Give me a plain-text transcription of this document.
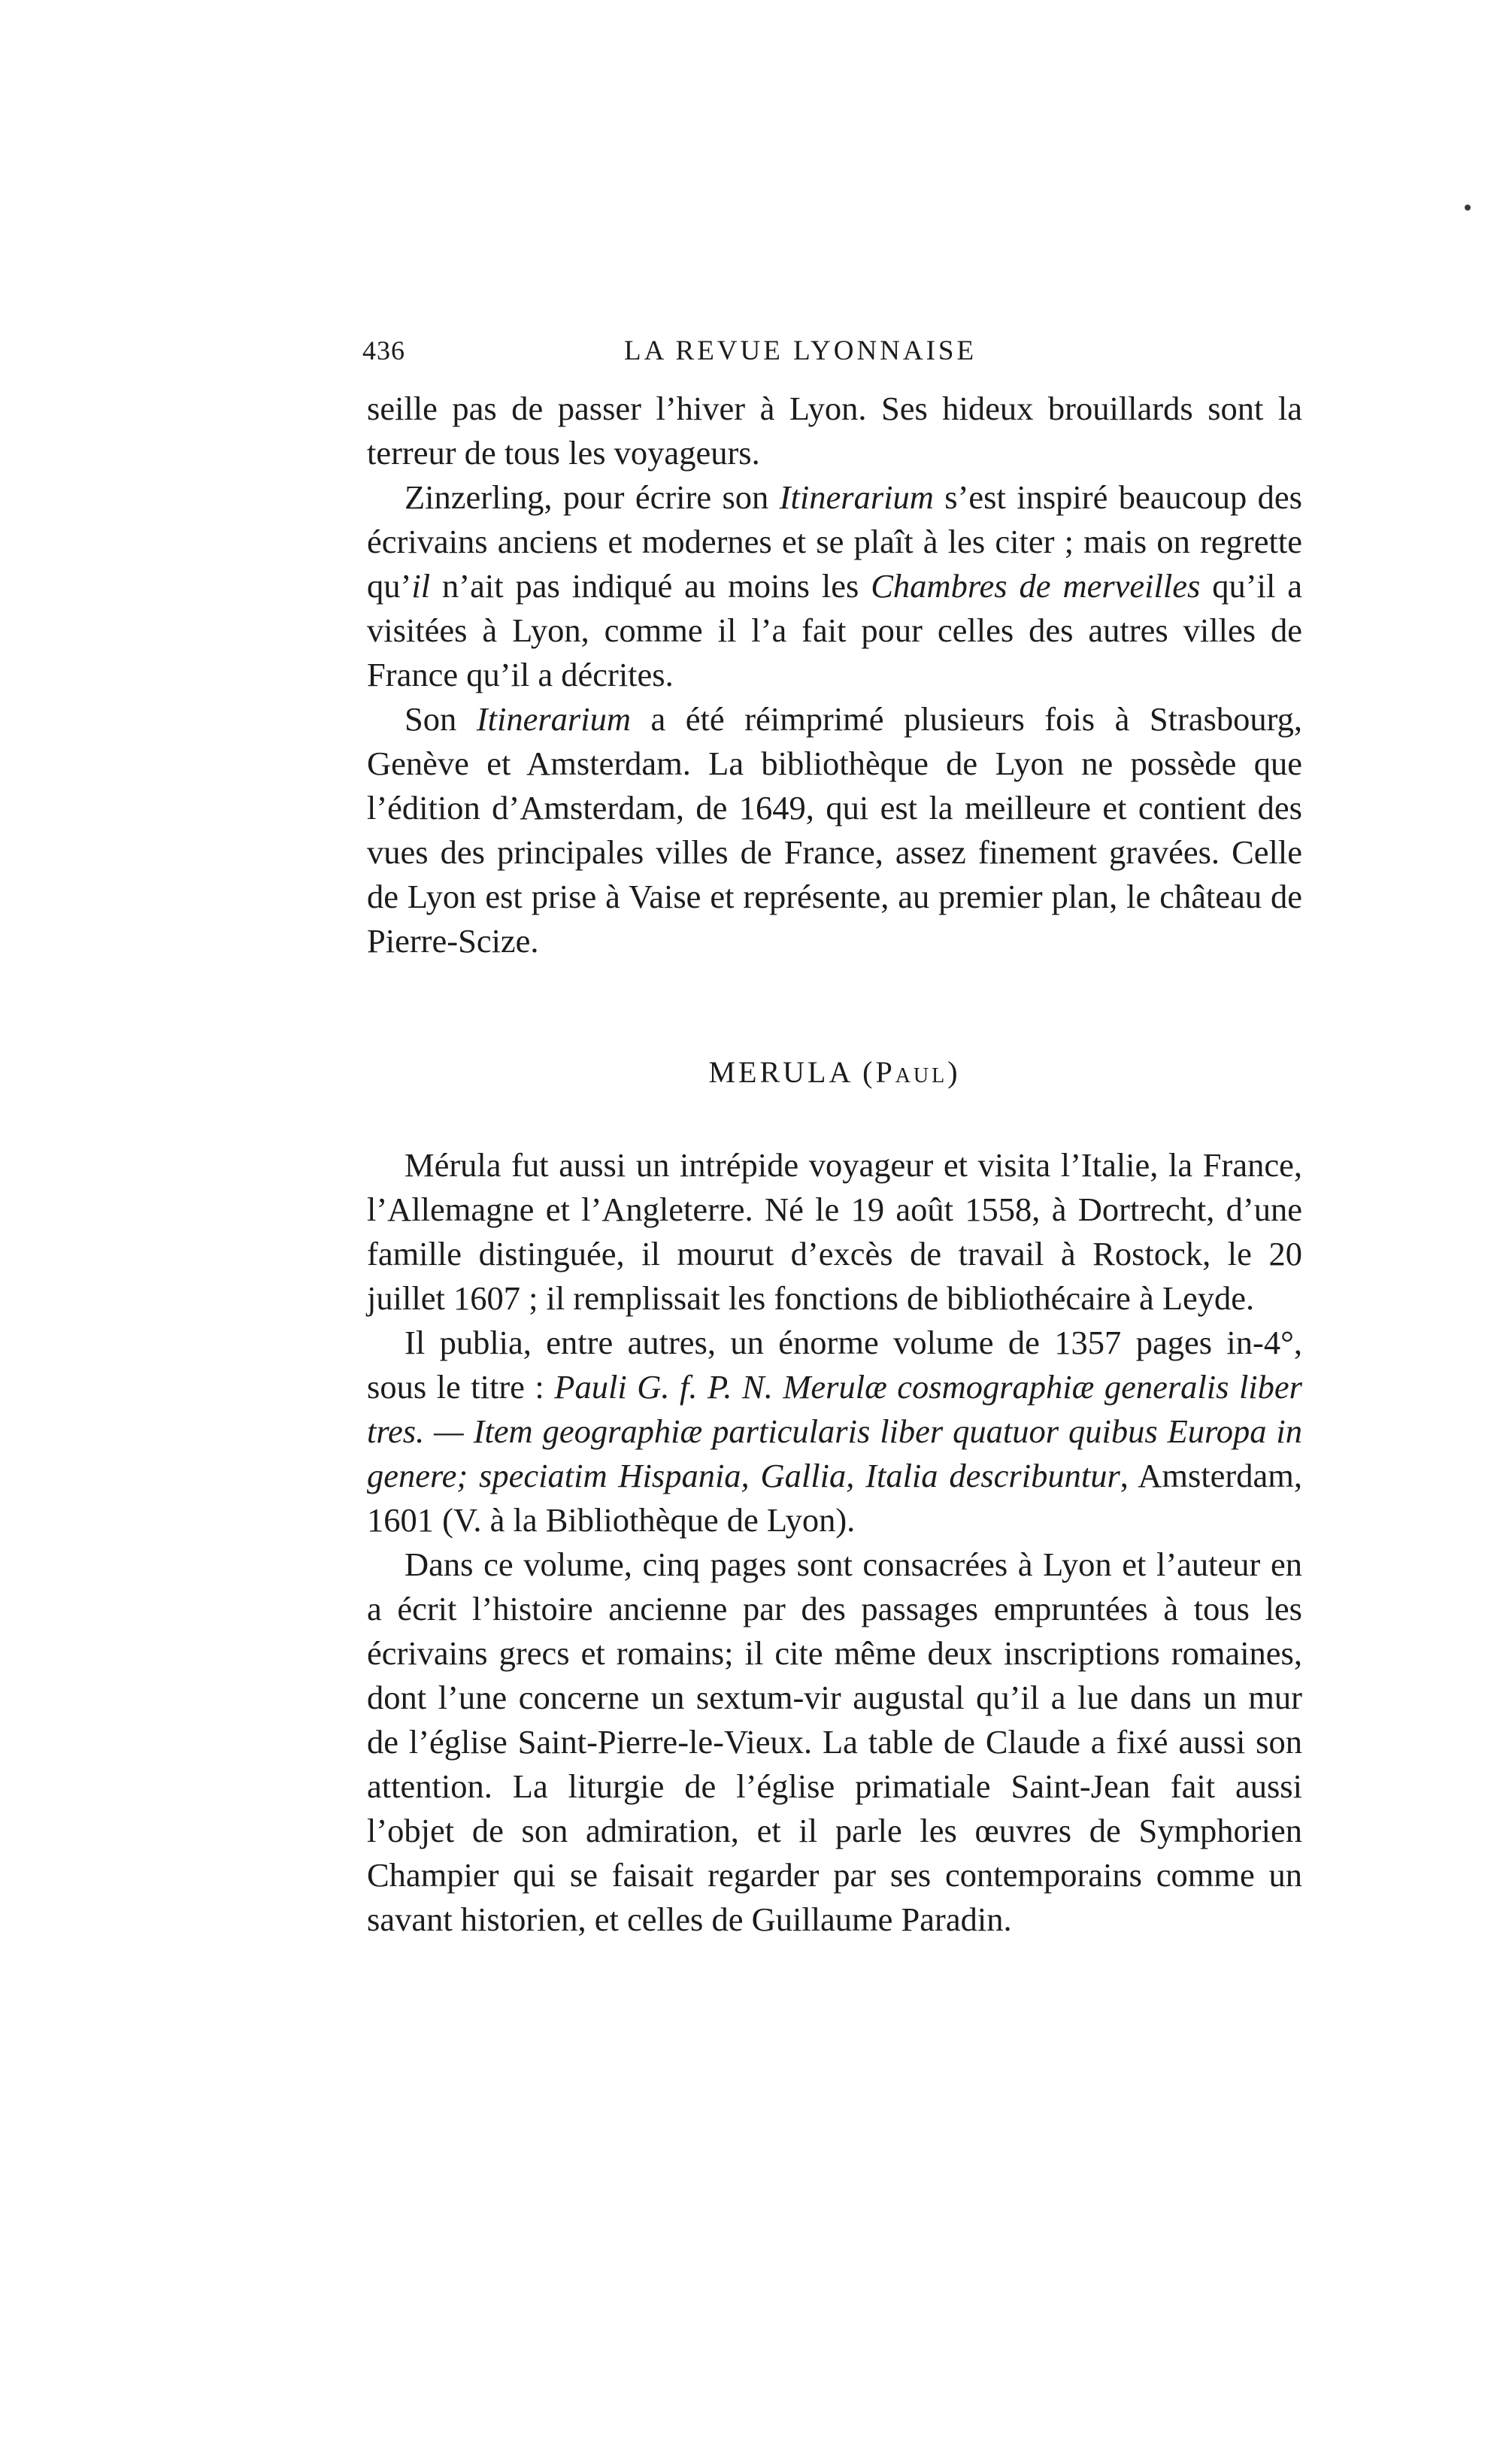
436	LA REVUE LYONNAISE

seille pas de passer l’hiver à Lyon. Ses hideux brouillards sont la terreur de tous les voyageurs.

Zinzerling, pour écrire son Itinerarium s’est inspiré beaucoup des écrivains anciens et modernes et se plaît à les citer ; mais on regrette qu’il n’ait pas indiqué au moins les Chambres de merveilles qu’il a visitées à Lyon, comme il l’a fait pour celles des autres villes de France qu’il a décrites.

Son Itinerarium a été réimprimé plusieurs fois à Strasbourg, Genève et Amsterdam. La bibliothèque de Lyon ne possède que l’édition d’Amsterdam, de 1649, qui est la meilleure et contient des vues des principales villes de France, assez finement gravées. Celle de Lyon est prise à Vaise et représente, au premier plan, le château de Pierre-Scize.

MERULA (Paul)

Mérula fut aussi un intrépide voyageur et visita l’Italie, la France, l’Allemagne et l’Angleterre. Né le 19 août 1558, à Dortrecht, d’une famille distinguée, il mourut d’excès de travail à Rostock, le 20 juillet 1607 ; il remplissait les fonctions de bibliothécaire à Leyde.

Il publia, entre autres, un énorme volume de 1357 pages in-4°, sous le titre : Pauli G. f. P. N. Merulæ cosmographiæ generalis liber tres. — Item geographiæ particularis liber quatuor quibus Europa in genere; speciatim Hispania, Gallia, Italia describuntur, Amsterdam, 1601 (V. à la Bibliothèque de Lyon).

Dans ce volume, cinq pages sont consacrées à Lyon et l’auteur en a écrit l’histoire ancienne par des passages empruntées à tous les écrivains grecs et romains; il cite même deux inscriptions romaines, dont l’une concerne un sextum-vir augustal qu’il a lue dans un mur de l’église Saint-Pierre-le-Vieux. La table de Claude a fixé aussi son attention. La liturgie de l’église primatiale Saint-Jean fait aussi l’objet de son admiration, et il parle les œuvres de Symphorien Champier qui se faisait regarder par ses contemporains comme un savant historien, et celles de Guillaume Paradin.
